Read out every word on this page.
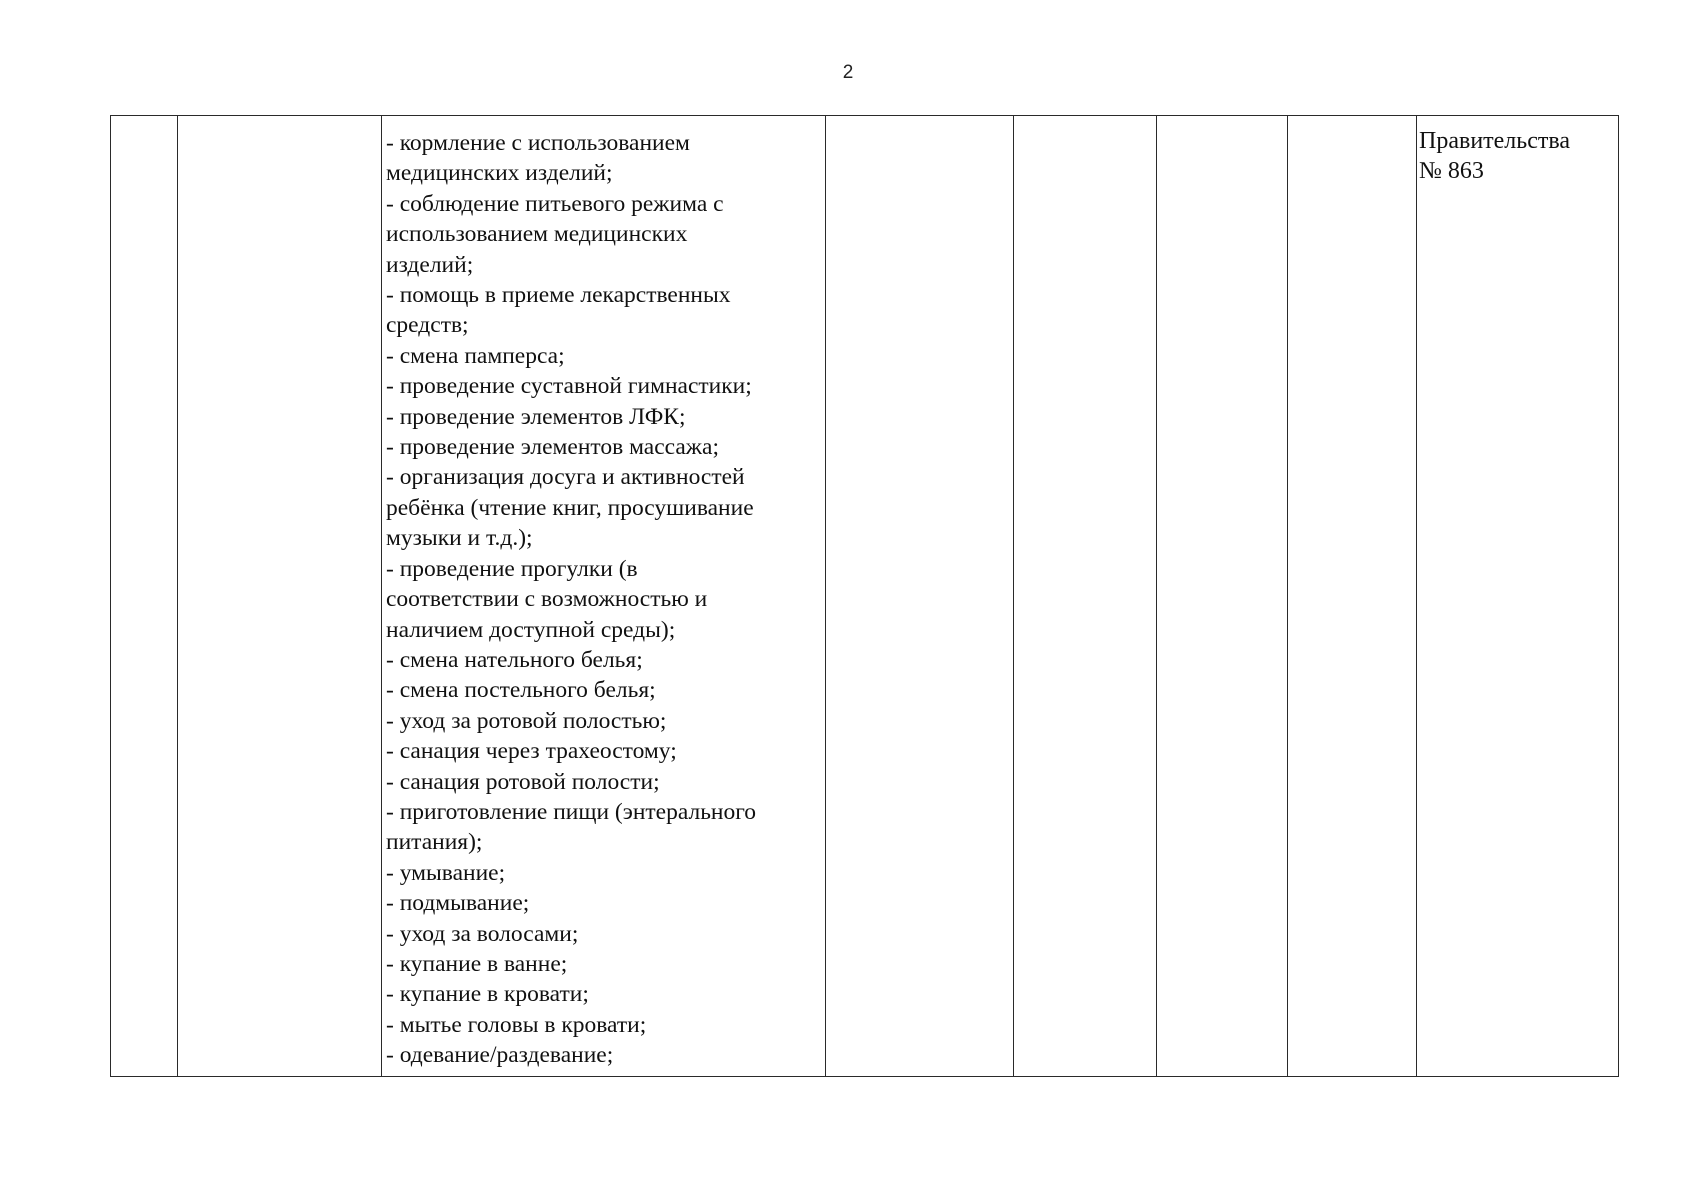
2

- кормление с использованием
медицинских изделий;
- соблюдение питьевого режима с
использованием медицинских
изделий;
- помощь в приеме лекарственных
средств;
- смена памперса;
- проведение суставной гимнастики;
- проведение элементов ЛФК;
- проведение элементов массажа;
- организация досуга и активностей
ребёнка (чтение книг, просушивание
музыки и т.д.);
- проведение прогулки (в
соответствии с возможностью и
наличием доступной среды);
- смена нательного белья;
- смена постельного белья;
- уход за ротовой полостью;
- санация через трахеостому;
- санация ротовой полости;
- приготовление пищи (энтерального
питания);
- умывание;
- подмывание;
- уход за волосами;
- купание в ванне;
- купание в кровати;
- мытье головы в кровати;
- одевание/раздевание;

Правительства
№ 863
